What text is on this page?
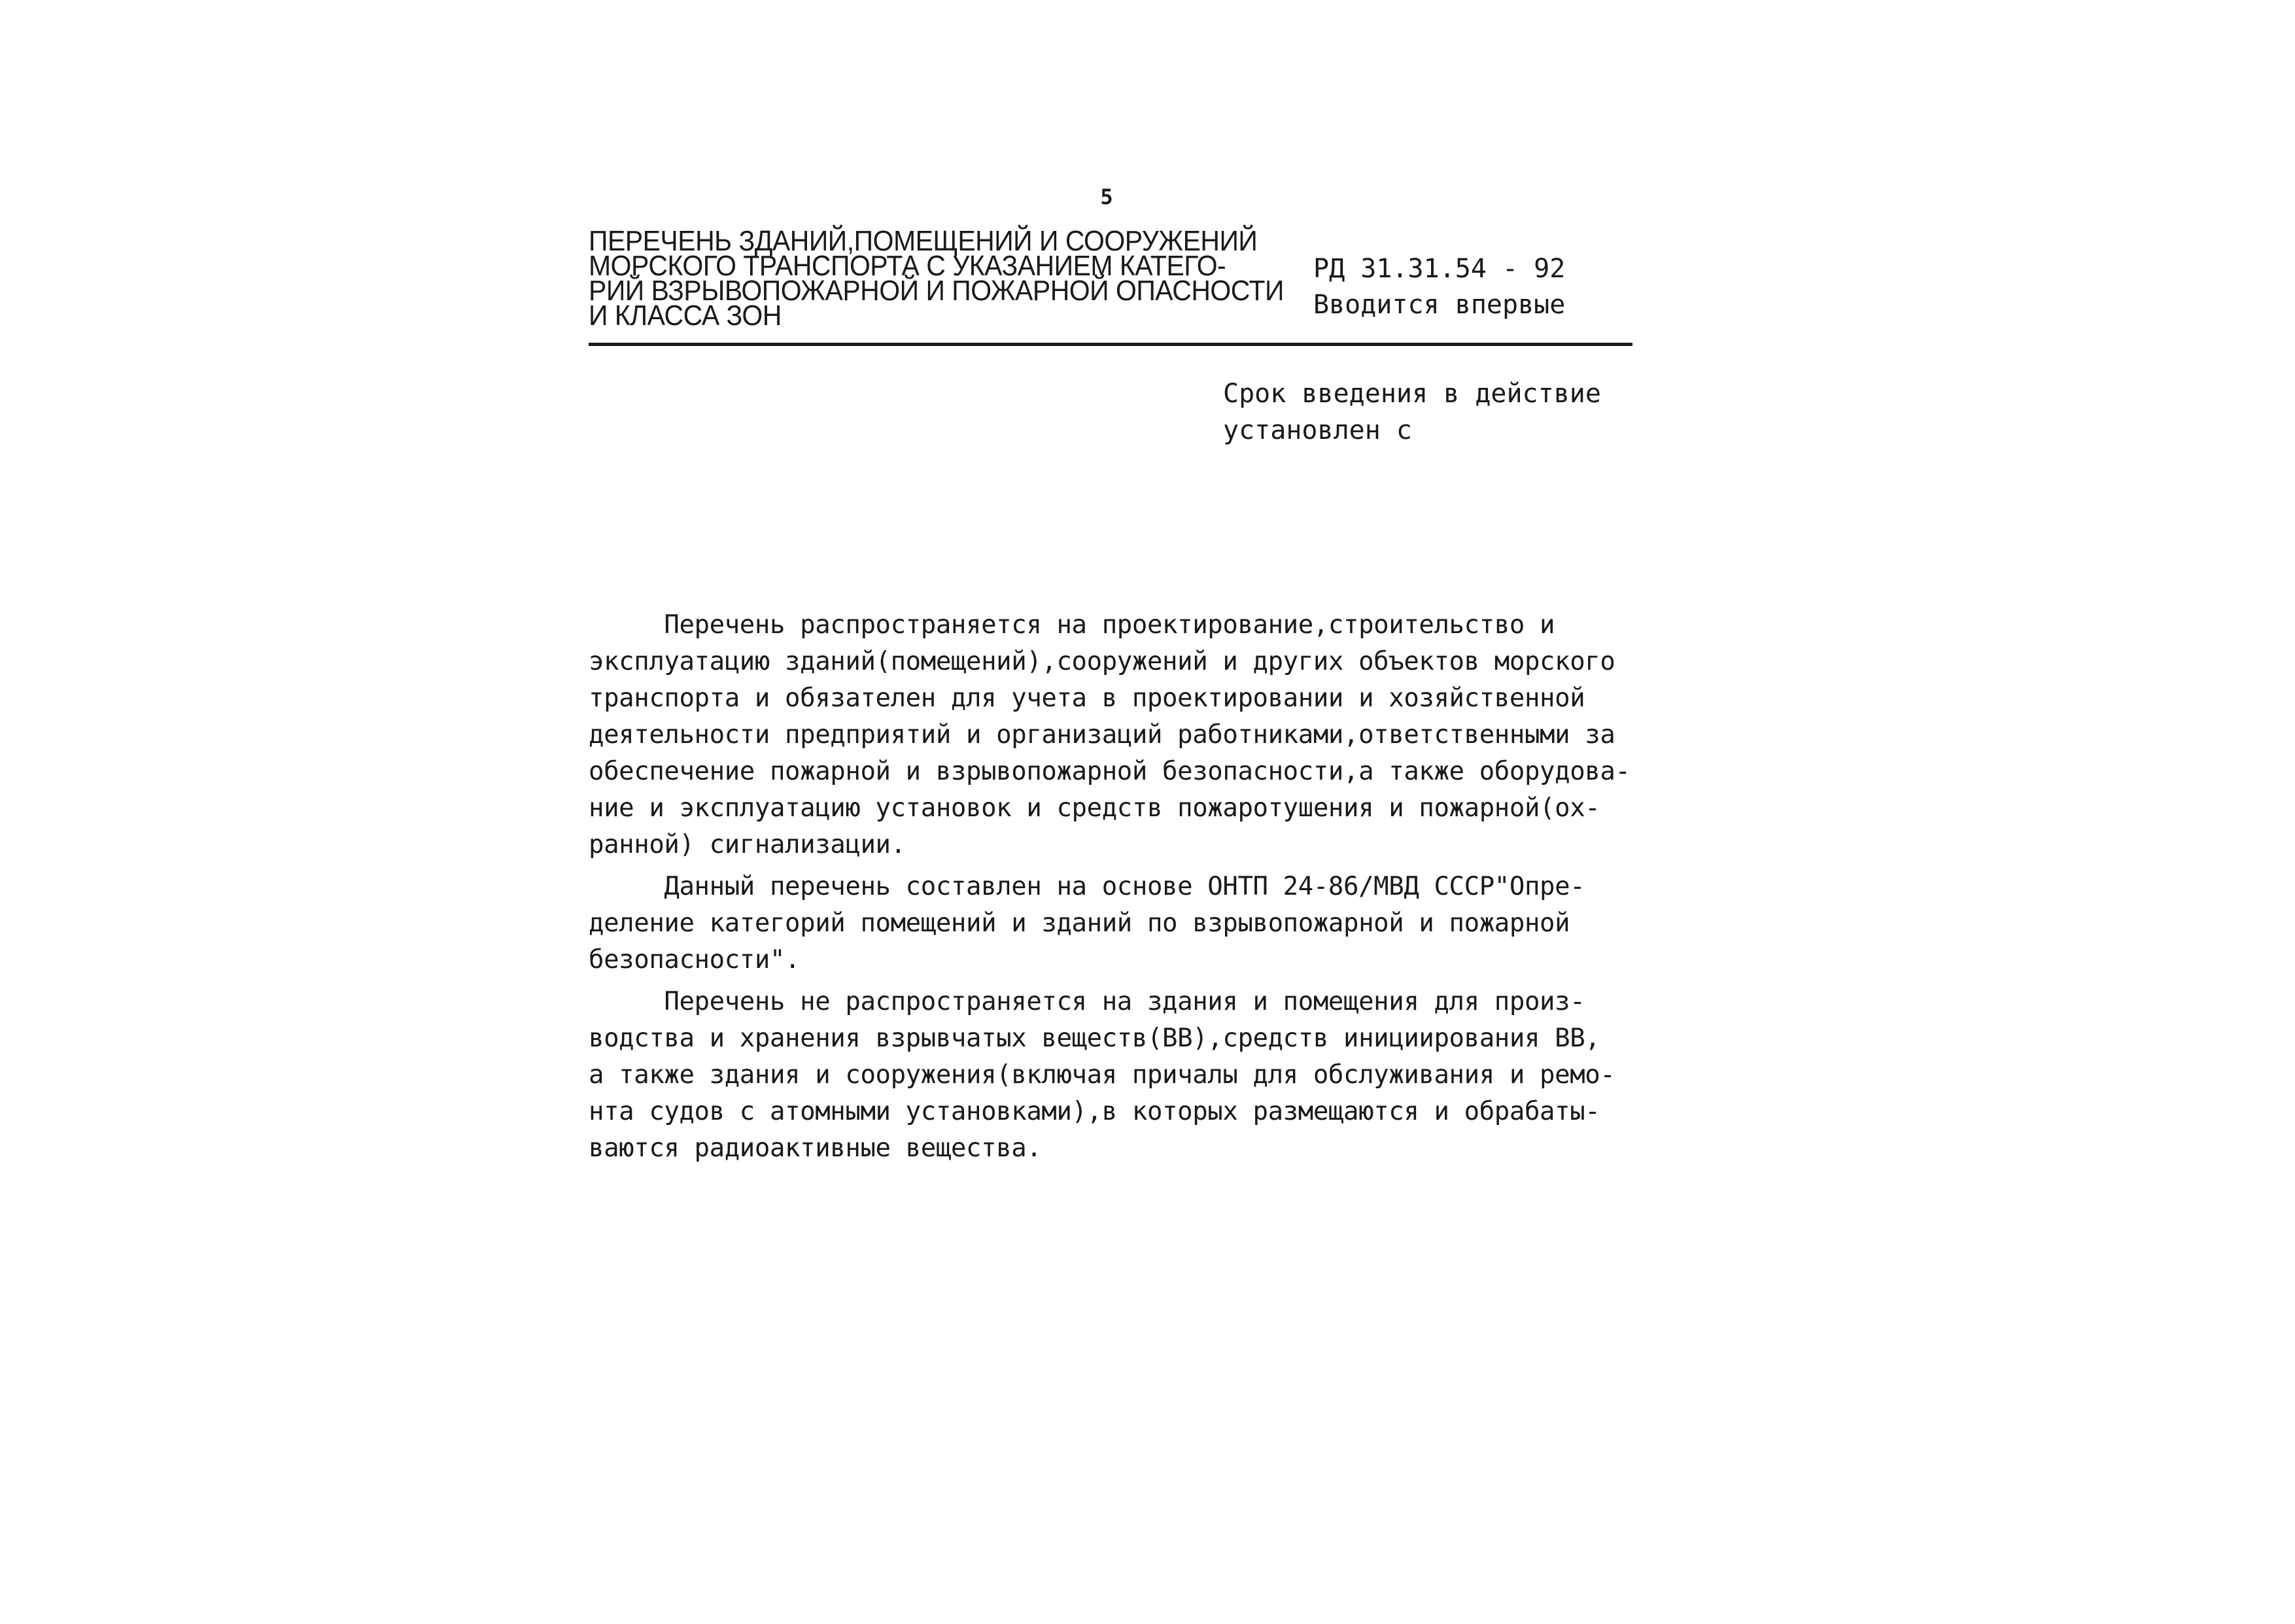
5
ПЕРЕЧЕНЬ ЗДАНИЙ,ПОМЕЩЕНИЙ И СООРУЖЕНИЙ
МОРСКОГО ТРАНСПОРТА С УКАЗАНИЕМ КАТЕГО-
РИЙ ВЗРЫВОПОЖАРНОЙ И ПОЖАРНОЙ ОПАСНОСТИ
И КЛАССА ЗОН
РД 31.31.54 - 92
Вводится впервые
Срок введения в действие
установлен с

Перечень распространяется на проектирование,строительство и
эксплуатацию зданий(помещений),сооружений и других объектов морского
транспорта и обязателен для учета в проектировании и хозяйственной
деятельности предприятий и организаций работниками,ответственными за
обеспечение пожарной и взрывопожарной безопасности,а также оборудова-
ние и эксплуатацию установок и средств пожаротушения и пожарной(ох-
ранной) сигнализации.

Данный перечень составлен на основе ОНТП 24-86/МВД СССР"Опре-
деление категорий помещений и зданий по взрывопожарной и пожарной
безопасности".

Перечень не распространяется на здания и помещения для произ-
водства и хранения взрывчатых веществ(ВВ),средств инициирования ВВ,
а также здания и сооружения(включая причалы для обслуживания и ремо-
нта судов с атомными установками),в которых размещаются и обрабаты-
ваются радиоактивные вещества.
